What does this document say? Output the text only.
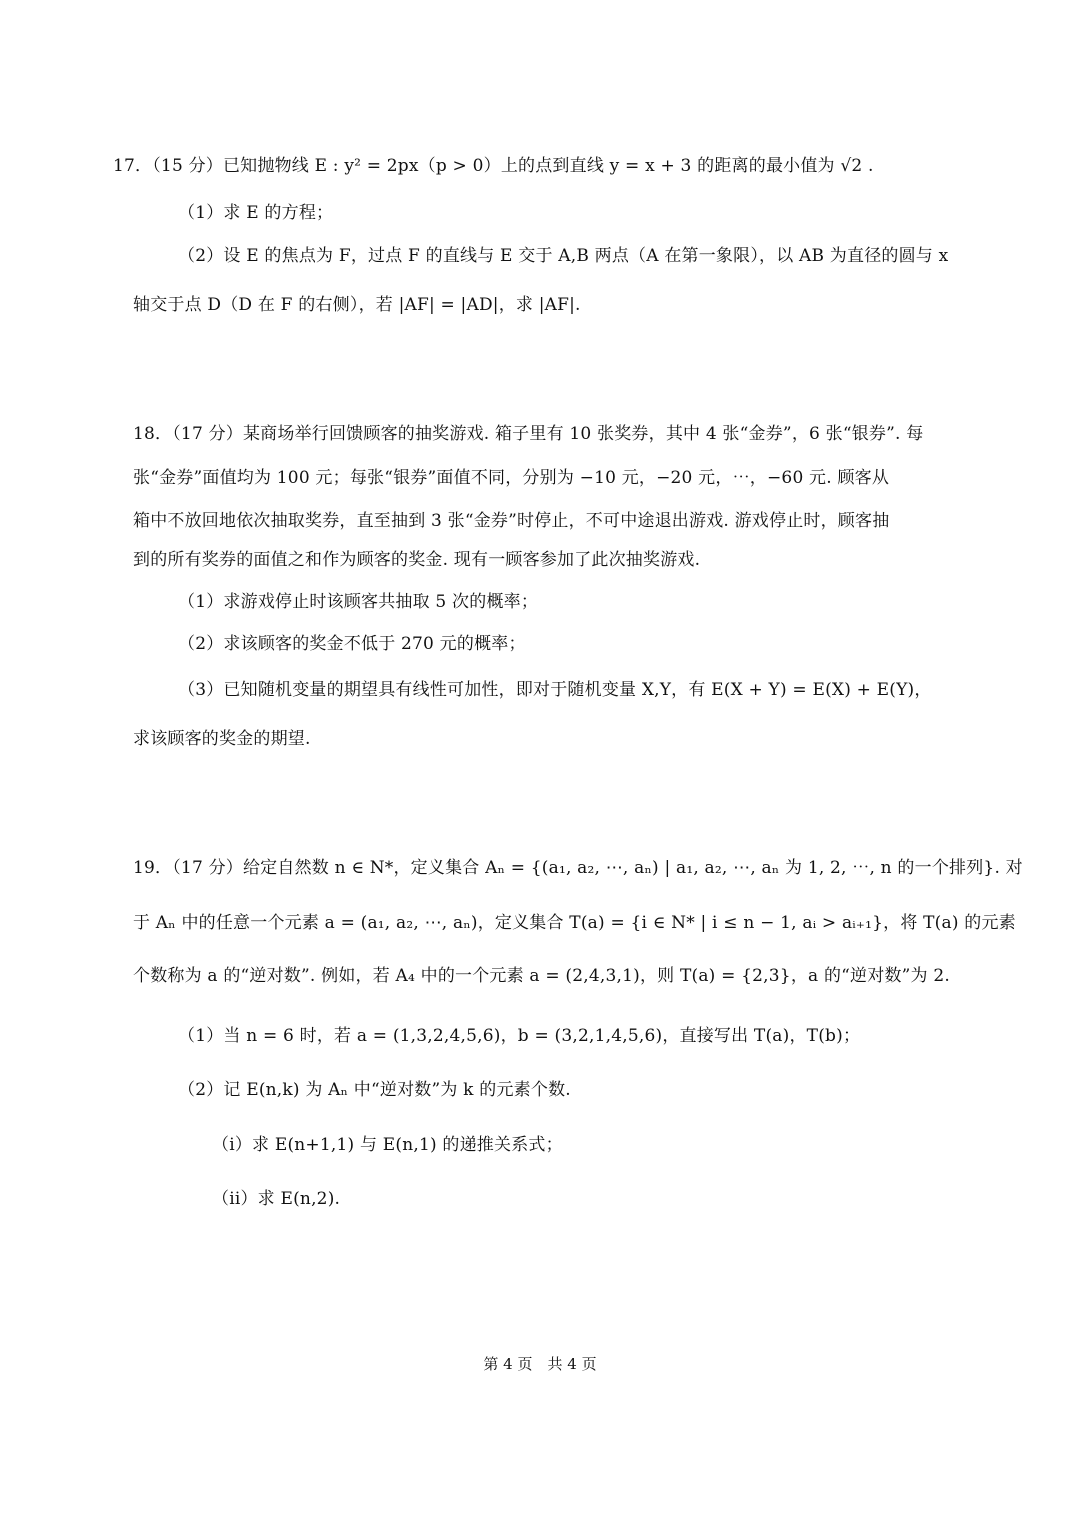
17．（15 分）已知抛物线 E : y² = 2px（p > 0）上的点到直线 y = x + 3 的距离的最小值为 √2 .
（1）求 E 的方程；
（2）设 E 的焦点为 F，过点 F 的直线与 E 交于 A,B 两点（A 在第一象限），以 AB 为直径的圆与 x
轴交于点 D（D 在 F 的右侧），若 |AF| = |AD|，求 |AF|.
18．（17 分）某商场举行回馈顾客的抽奖游戏. 箱子里有 10 张奖券，其中 4 张“金券”，6 张“银券”. 每
张“金券”面值均为 100 元；每张“银券”面值不同，分别为 −10 元，−20 元，⋯，−60 元. 顾客从
箱中不放回地依次抽取奖券，直至抽到 3 张“金券”时停止，不可中途退出游戏. 游戏停止时，顾客抽
到的所有奖券的面值之和作为顾客的奖金. 现有一顾客参加了此次抽奖游戏.
（1）求游戏停止时该顾客共抽取 5 次的概率；
（2）求该顾客的奖金不低于 270 元的概率；
（3）已知随机变量的期望具有线性可加性，即对于随机变量 X,Y，有 E(X + Y) = E(X) + E(Y)，
求该顾客的奖金的期望.
19．（17 分）给定自然数 n ∈ N*，定义集合 Aₙ = {(a₁, a₂, ⋯, aₙ) | a₁, a₂, ⋯, aₙ 为 1, 2, ⋯, n 的一个排列}. 对
于 Aₙ 中的任意一个元素 a = (a₁, a₂, ⋯, aₙ)，定义集合 T(a) = {i ∈ N* | i ≤ n − 1, aᵢ > aᵢ₊₁}，将 T(a) 的元素
个数称为 a 的“逆对数”. 例如，若 A₄ 中的一个元素 a = (2,4,3,1)，则 T(a) = {2,3}，a 的“逆对数”为 2.
（1）当 n = 6 时，若 a = (1,3,2,4,5,6)，b = (3,2,1,4,5,6)，直接写出 T(a)，T(b)；
（2）记 E(n,k) 为 Aₙ 中“逆对数”为 k 的元素个数.
（i）求 E(n+1,1) 与 E(n,1) 的递推关系式；
（ii）求 E(n,2).
第 4 页　共 4 页
